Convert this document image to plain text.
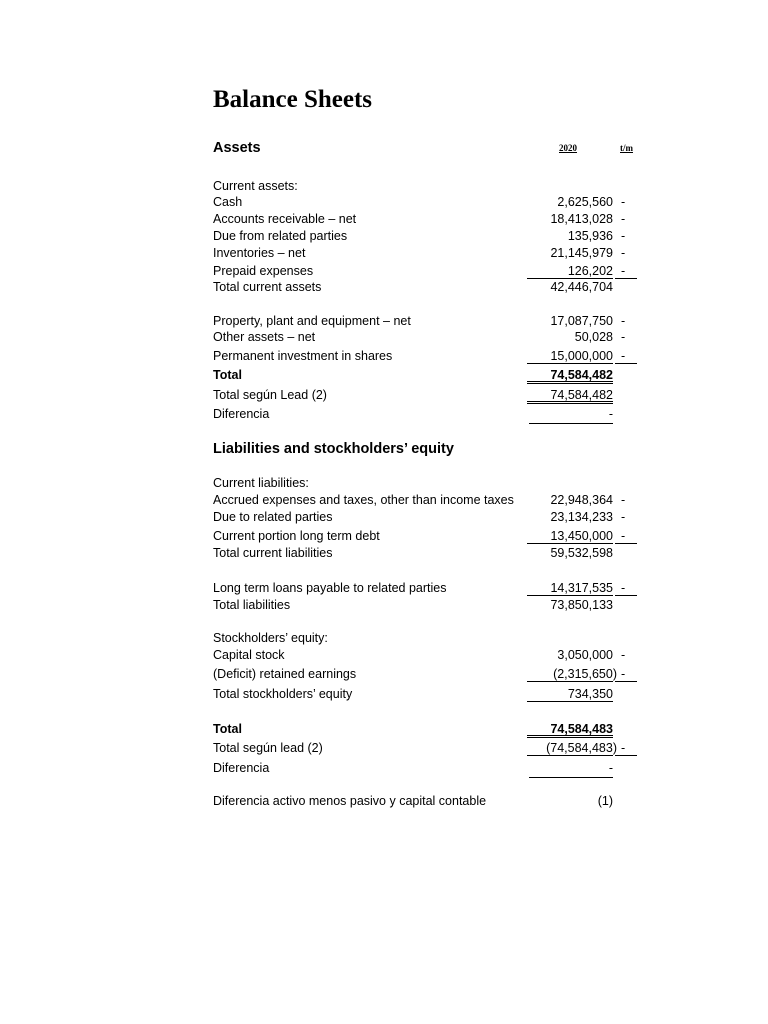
Balance Sheets
Assets	2020	t/m
Current assets:
Cash	2,625,560 -
Accounts receivable – net	18,413,028 -
Due from related parties	135,936 -
Inventories – net	21,145,979 -
Prepaid expenses	126,202 -
Total current assets	42,446,704
Property, plant and equipment – net	17,087,750 -
Other assets – net	50,028 -
Permanent investment in shares	15,000,000 -
Total	74,584,482
Total según Lead (2)	74,584,482
Diferencia	-
Liabilities and stockholders’ equity
Current liabilities:
Accrued expenses and taxes, other than income taxes	22,948,364 -
Due to related parties	23,134,233 -
Current portion long term debt	13,450,000 -
Total current liabilities	59,532,598
Long term loans payable to related parties	14,317,535 -
Total liabilities	73,850,133
Stockholders’ equity:
Capital stock	3,050,000 -
(Deficit) retained earnings	(2,315,650) -
Total stockholders’ equity	734,350
Total	74,584,483
Total según lead (2)	(74,584,483) -
Diferencia	-
Diferencia activo menos pasivo y capital contable	(1)
